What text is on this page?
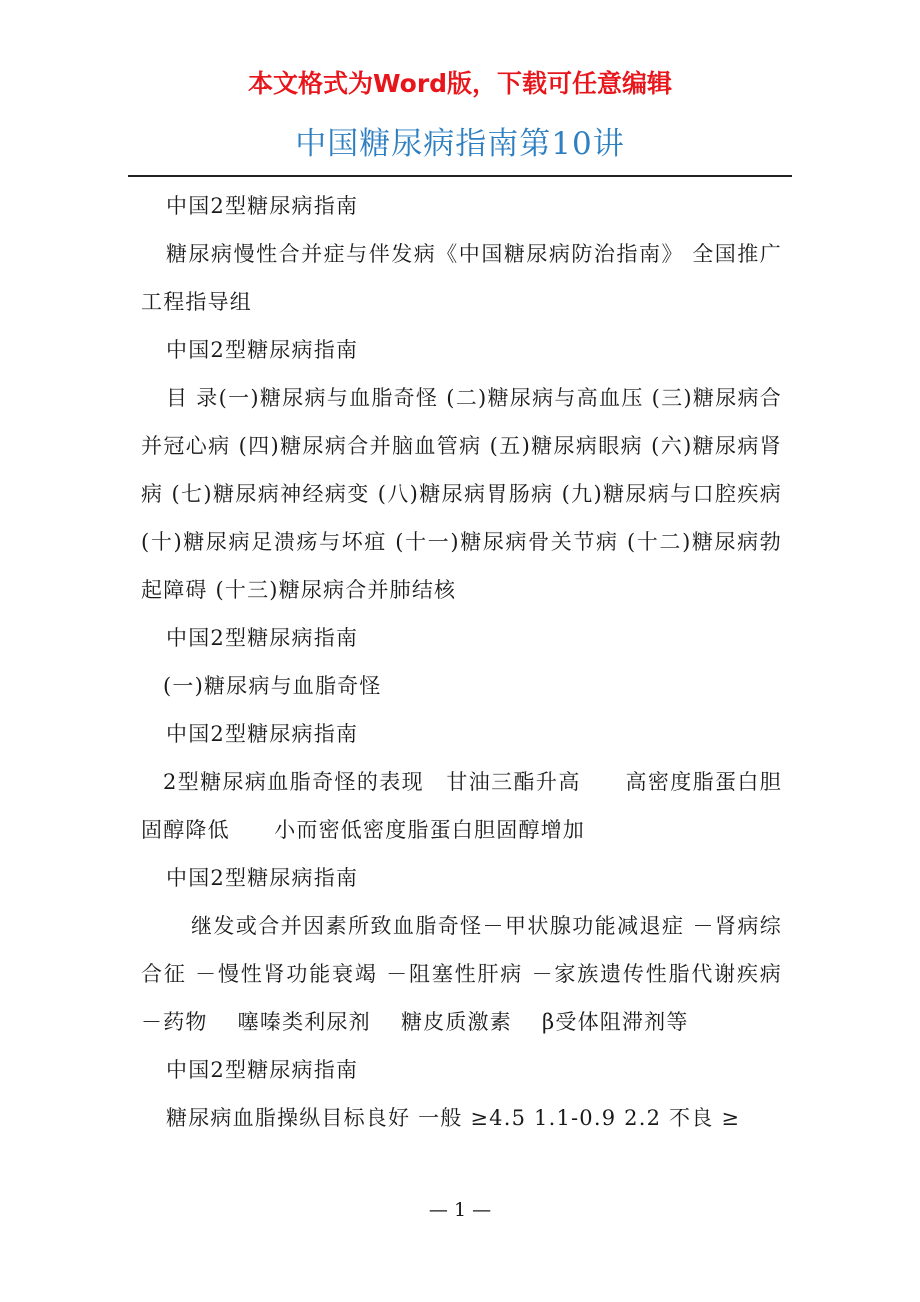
本文格式为Word版，下载可任意编辑
中国糖尿病指南第10讲

中国2型糖尿病指南

糖尿病慢性合并症与伴发病《中国糖尿病防治指南》 全国推广工程指导组

中国2型糖尿病指南

目 录(一)糖尿病与血脂奇怪 (二)糖尿病与高血压 (三)糖尿病合并冠心病 (四)糖尿病合并脑血管病 (五)糖尿病眼病 (六)糖尿病肾病 (七)糖尿病神经病变 (八)糖尿病胃肠病 (九)糖尿病与口腔疾病 (十)糖尿病足溃疡与坏疽 (十一)糖尿病骨关节病 (十二)糖尿病勃起障碍 (十三)糖尿病合并肺结核

中国2型糖尿病指南

(一)糖尿病与血脂奇怪

中国2型糖尿病指南

2型糖尿病血脂奇怪的表现　甘油三酯升高　　高密度脂蛋白胆固醇降低　　小而密低密度脂蛋白胆固醇增加

中国2型糖尿病指南

继发或合并因素所致血脂奇怪－甲状腺功能减退症 －肾病综合征 －慢性肾功能衰竭 －阻塞性肝病 －家族遗传性脂代谢疾病 －药物　 噻嗪类利尿剂　 糖皮质激素　 β受体阻滞剂等

中国2型糖尿病指南

糖尿病血脂操纵目标良好 一般 ≥4.5 1.1-0.9 2.2 不良 ≥

— 1 —
